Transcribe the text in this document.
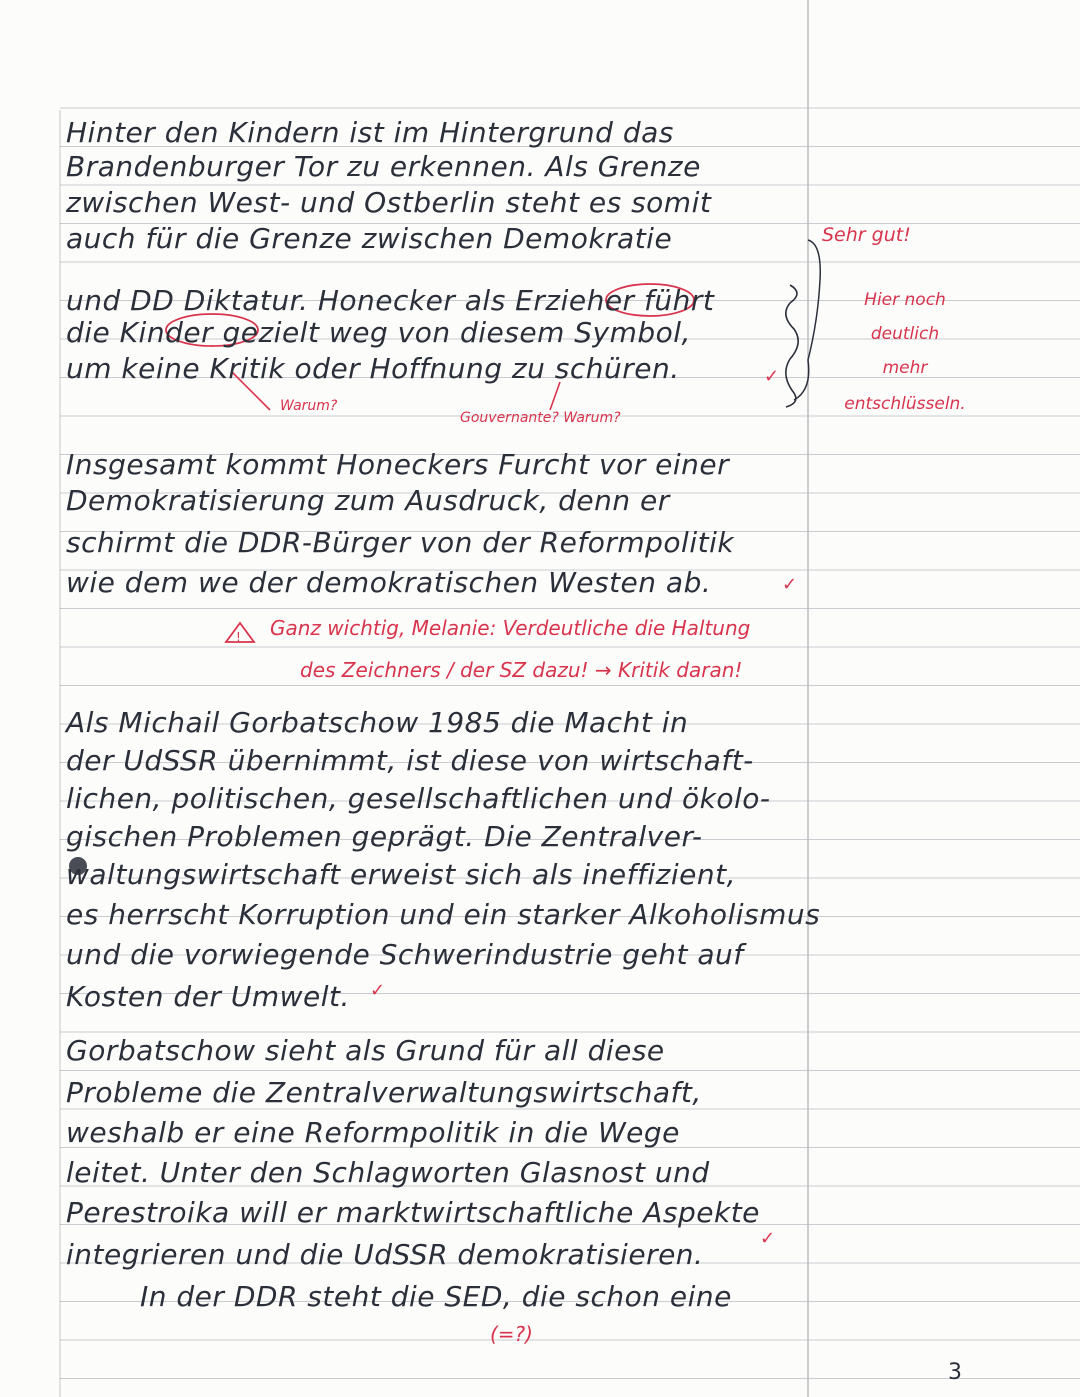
!
Hinter den Kindern ist im Hintergrund das
Brandenburger Tor zu erkennen. Als Grenze
zwischen West- und Ostberlin steht es somit
auch für die Grenze zwischen Demokratie
und DD Diktatur. Honecker als Erzieher führt
die Kinder gezielt weg von diesem Symbol,
um keine Kritik oder Hoffnung zu schüren.
Warum?
Gouvernante? Warum?
Insgesamt kommt Honeckers Furcht vor einer
Demokratisierung zum Ausdruck, denn er
schirmt die DDR-Bürger von der Reformpolitik
wie dem we der demokratischen Westen ab.
Ganz wichtig, Melanie: Verdeutliche die Haltung
des Zeichners / der SZ dazu! → Kritik daran!
Als Michail Gorbatschow 1985 die Macht in
der UdSSR übernimmt, ist diese von wirtschaft-
lichen, politischen, gesellschaftlichen und ökolo-
gischen Problemen geprägt. Die Zentralver-
waltungswirtschaft erweist sich als ineffizient,
es herrscht Korruption und ein starker Alkoholismus
und die vorwiegende Schwerindustrie geht auf
Kosten der Umwelt.
Gorbatschow sieht als Grund für all diese
Probleme die Zentralverwaltungswirtschaft,
weshalb er eine Reformpolitik in die Wege
leitet. Unter den Schlagworten Glasnost und
Perestroika will er marktwirtschaftliche Aspekte
integrieren und die UdSSR demokratisieren.
In der DDR steht die SED, die schon eine
(=?)
✓
✓
✓
✓
Sehr gut!
Hier noch
deutlich
mehr
entschlüsseln.
3
